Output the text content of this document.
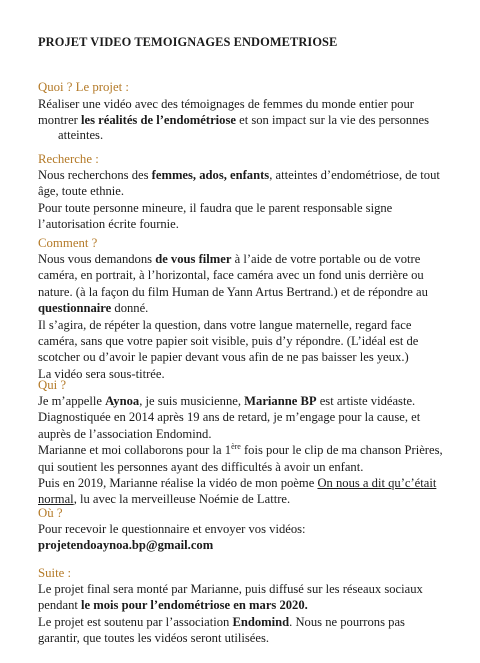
PROJET VIDEO TEMOIGNAGES ENDOMETRIOSE
Quoi ? Le projet :
Réaliser une vidéo avec des témoignages de femmes du monde entier pour
montrer les réalités de l’endométriose et son impact sur la vie des personnes
atteintes.
Recherche :
Nous recherchons des femmes, ados, enfants, atteintes d’endométriose, de tout
âge, toute ethnie.
Pour toute personne mineure, il faudra que le parent responsable signe
l’autorisation écrite fournie.
Comment ?
Nous vous demandons de vous filmer à l’aide de votre portable ou de votre
caméra, en portrait, à l’horizontal, face caméra avec un fond unis derrière ou
nature. (à la façon du film Human de Yann Artus Bertrand.) et de répondre au
questionnaire donné.
Il s’agira, de répéter la question, dans votre langue maternelle, regard face
caméra, sans que votre papier soit visible, puis d’y répondre. (L’idéal est de
scotcher ou d’avoir le papier devant vous afin de ne pas baisser les yeux.)
La vidéo sera sous-titrée.
Qui ?
Je m’appelle Aynoa, je suis musicienne, Marianne BP est artiste vidéaste.
Diagnostiquée en 2014 après 19 ans de retard, je m’engage pour la cause, et
auprès de l’association Endomind.
Marianne et moi collaborons pour la 1ère fois pour le clip de ma chanson Prières,
qui soutient les personnes ayant des difficultés à avoir un enfant.
Puis en 2019, Marianne réalise la vidéo de mon poème On nous a dit qu’c’était
normal, lu avec la merveilleuse Noémie de Lattre.
Où ?
Pour recevoir le questionnaire et envoyer vos vidéos:
projetendoaynoa.bp@gmail.com
Suite :
Le projet final sera monté par Marianne, puis diffusé sur les réseaux sociaux
pendant le mois pour l’endométriose en mars 2020.
Le projet est soutenu par l’association Endomind. Nous ne pourrons pas
garantir, que toutes les vidéos seront utilisées.
